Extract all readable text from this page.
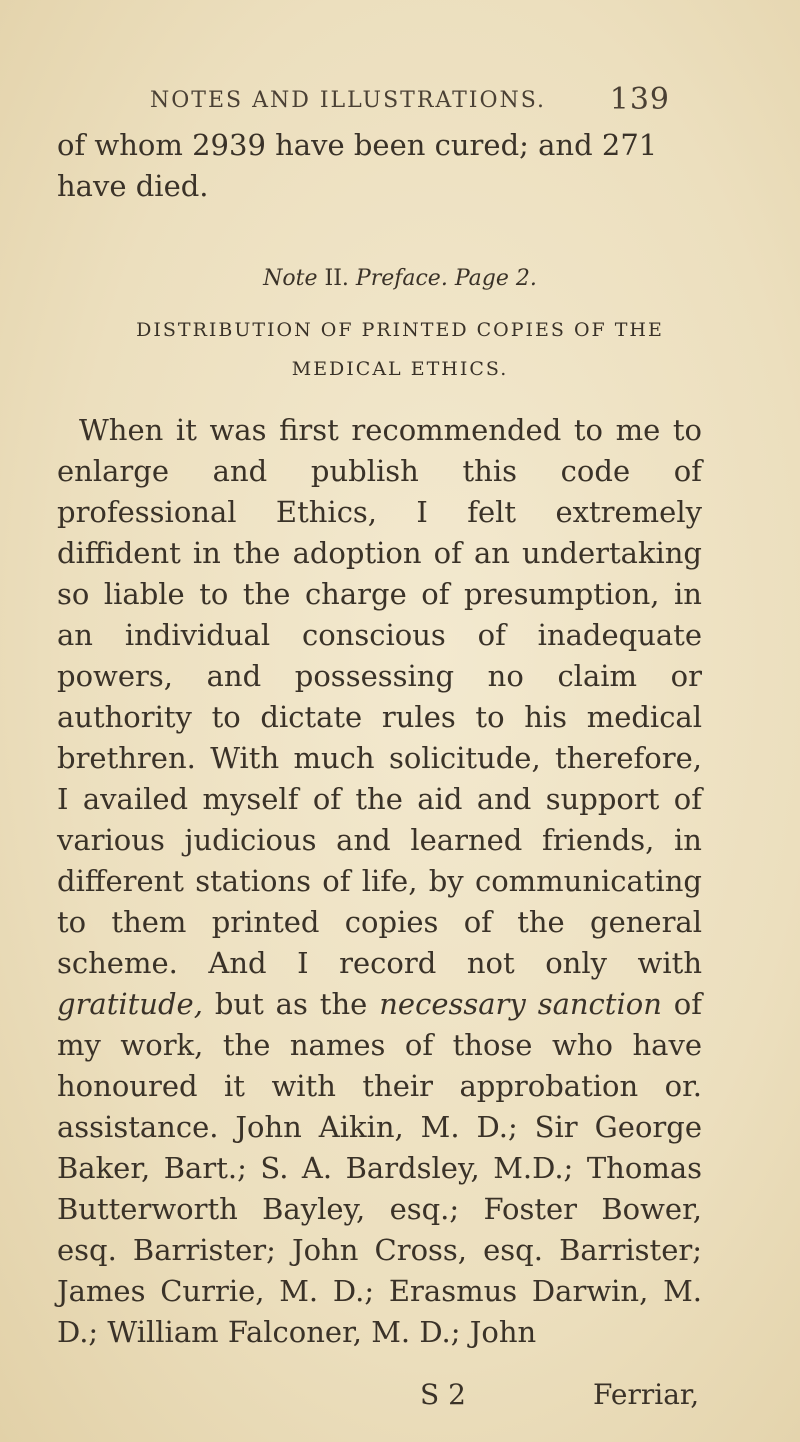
NOTES AND ILLUSTRATIONS. 139
of whom 2939 have been cured; and 271 have died.
Note II. Preface. Page 2.
DISTRIBUTION OF PRINTED COPIES OF THE
MEDICAL ETHICS.
When it was first recommended to me to enlarge and publish this code of professional Ethics, I felt extremely diffident in the adoption of an undertaking so liable to the charge of presumption, in an individual conscious of inadequate powers, and possessing no claim or authority to dictate rules to his medical brethren. With much solicitude, therefore, I availed myself of the aid and support of various judicious and learned friends, in different stations of life, by communicating to them printed copies of the general scheme. And I record not only with gratitude, but as the necessary sanction of my work, the names of those who have honoured it with their approbation or. assistance. John Aikin, M. D.; Sir George Baker, Bart.; S. A. Bardsley, M.D.; Thomas Butterworth Bayley, esq.; Foster Bower, esq. Barrister; John Cross, esq. Barrister; James Currie, M. D.; Erasmus Darwin, M. D.; William Falconer, M. D.; John
S 2	Ferriar,
